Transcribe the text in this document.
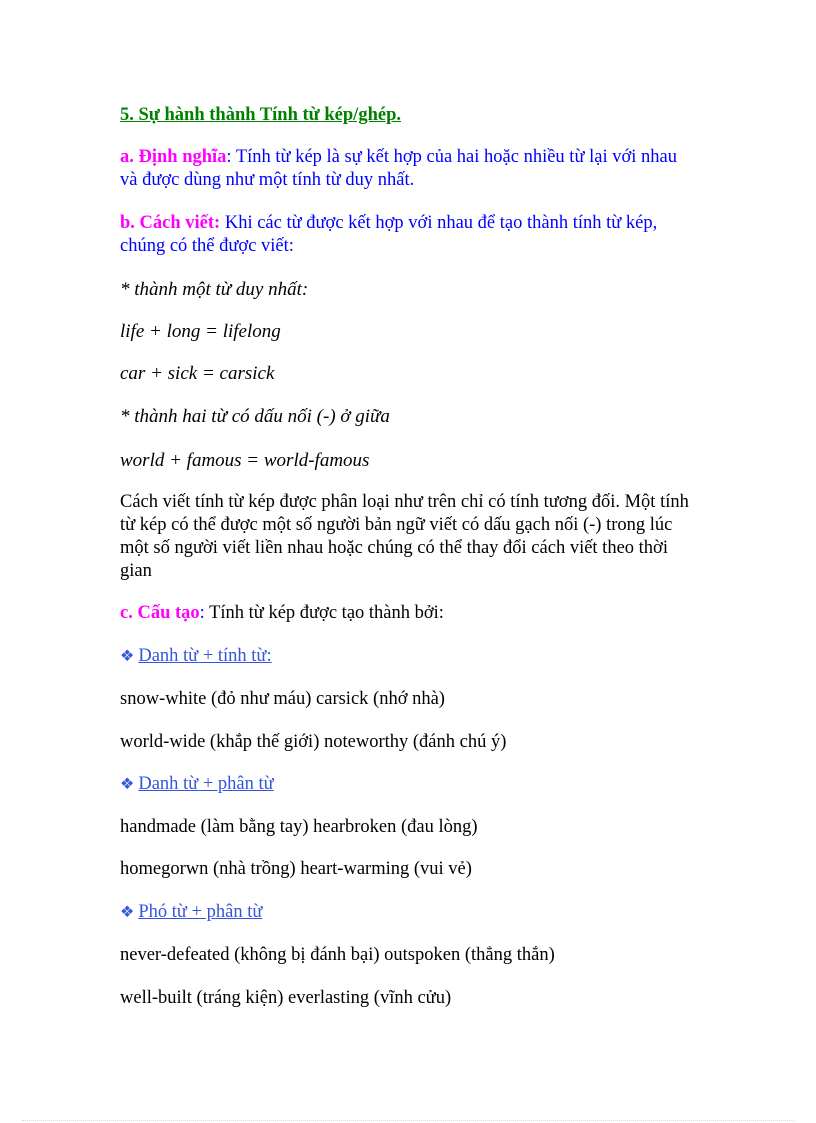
5. Sự hành thành Tính từ kép/ghép.
a. Định nghĩa: Tính từ kép là sự kết hợp của hai hoặc nhiều từ lại với nhau
và được dùng như một tính từ duy nhất.
b. Cách viết: Khi các từ được kết hợp với nhau để tạo thành tính từ kép,
chúng có thể được viết:
* thành một từ duy nhất:
life + long = lifelong
car + sick = carsick
* thành hai từ có dấu nối (-) ở giữa
world + famous = world-famous
Cách viết tính từ kép được phân loại như trên chỉ có tính tương đối. Một tính
từ kép có thể được một số người bản ngữ viết có dấu gạch nối (-) trong lúc
một số người viết liền nhau hoặc chúng có thể thay đổi cách viết theo thời
gian
c. Cấu tạo: Tính từ kép được tạo thành bởi:
❖ Danh từ + tính từ:
snow-white (đỏ như máu) carsick (nhớ nhà)
world-wide (khắp thế giới) noteworthy (đánh chú ý)
❖ Danh từ + phân từ
handmade (làm bằng tay) hearbroken (đau lòng)
homegorwn (nhà trồng) heart-warming (vui vẻ)
❖ Phó từ + phân từ
never-defeated (không bị đánh bại) outspoken (thẳng thắn)
well-built (tráng kiện) everlasting (vĩnh cửu)
